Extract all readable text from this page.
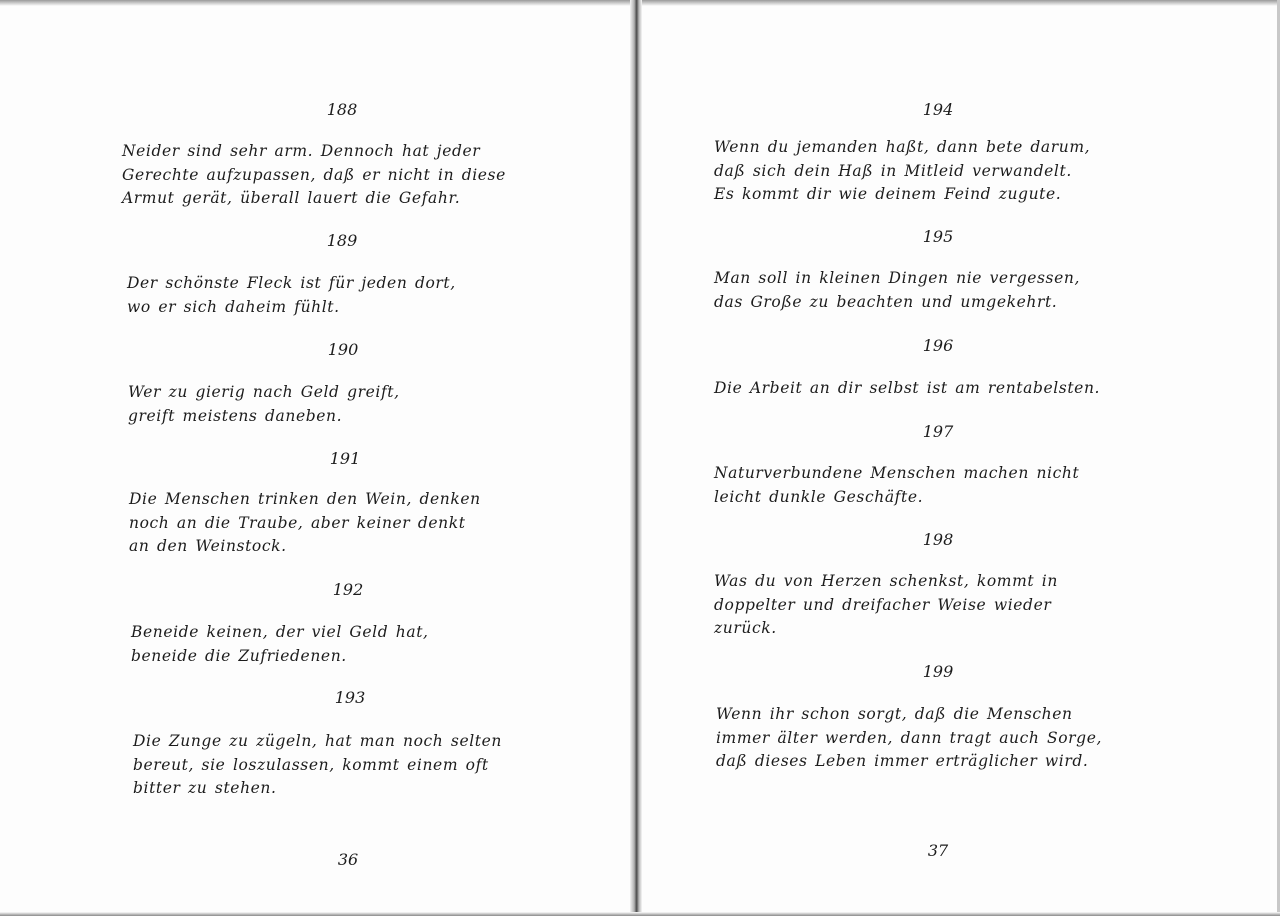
188
Neider sind sehr arm. Dennoch hat jeder
Gerechte aufzupassen, daß er nicht in diese
Armut gerät, überall lauert die Gefahr.
189
Der schönste Fleck ist für jeden dort,
wo er sich daheim fühlt.
190
Wer zu gierig nach Geld greift,
greift meistens daneben.
191
Die Menschen trinken den Wein, denken
noch an die Traube, aber keiner denkt
an den Weinstock.
192
Beneide keinen, der viel Geld hat,
beneide die Zufriedenen.
193
Die Zunge zu zügeln, hat man noch selten
bereut, sie loszulassen, kommt einem oft
bitter zu stehen.
36
194
Wenn du jemanden haßt, dann bete darum,
daß sich dein Haß in Mitleid verwandelt.
Es kommt dir wie deinem Feind zugute.
195
Man soll in kleinen Dingen nie vergessen,
das Große zu beachten und umgekehrt.
196
Die Arbeit an dir selbst ist am rentabelsten.
197
Naturverbundene Menschen machen nicht
leicht dunkle Geschäfte.
198
Was du von Herzen schenkst, kommt in
doppelter und dreifacher Weise wieder
zurück.
199
Wenn ihr schon sorgt, daß die Menschen
immer älter werden, dann tragt auch Sorge,
daß dieses Leben immer erträglicher wird.
37
